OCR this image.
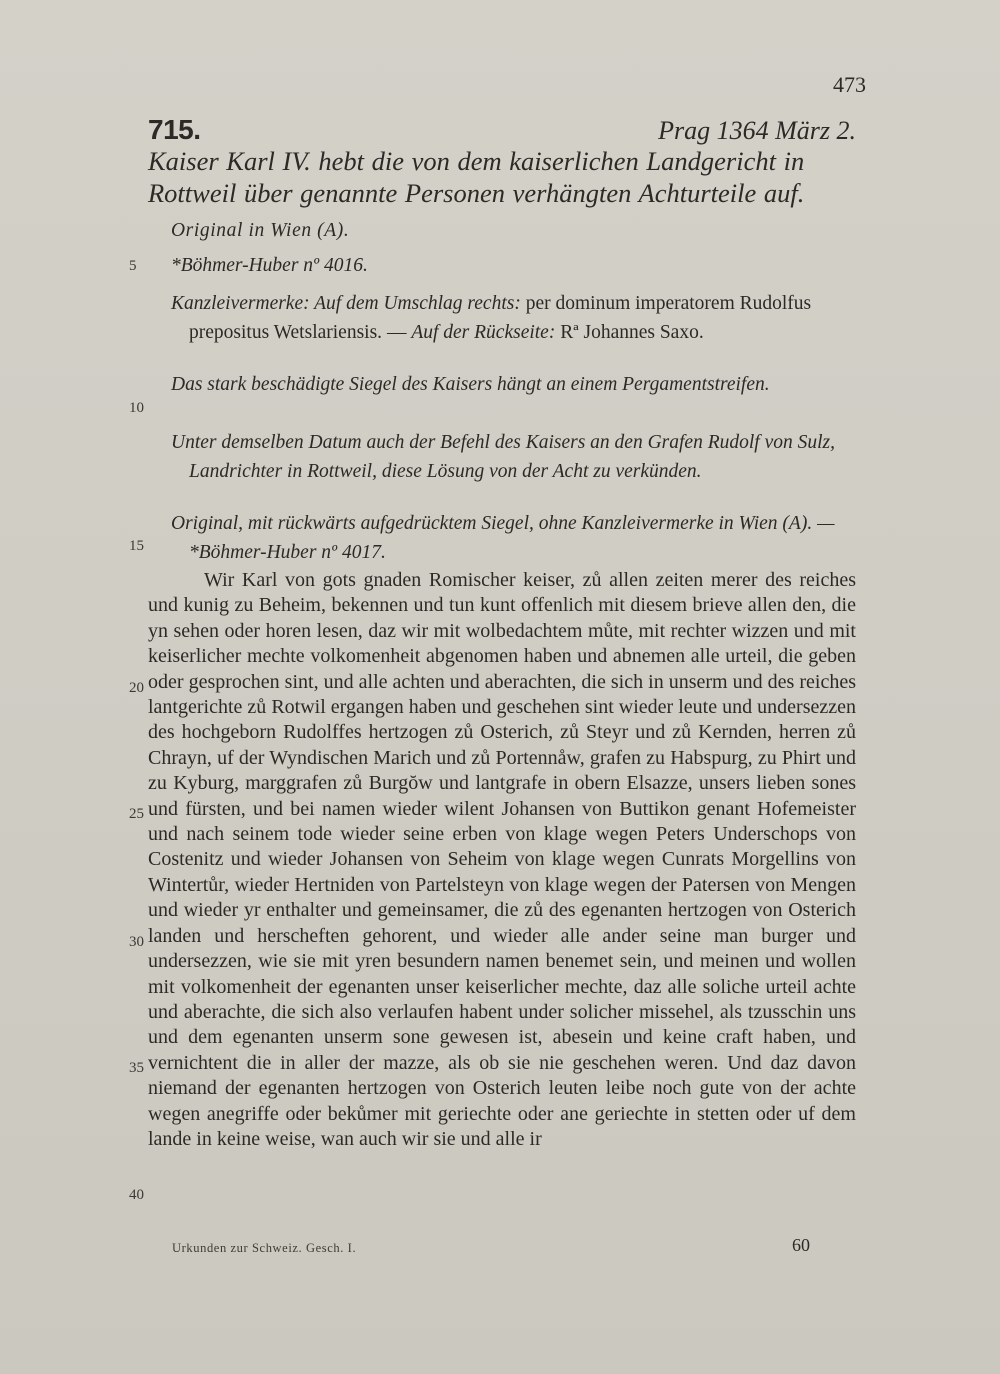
473
715.	Prag 1364 März 2.
Kaiser Karl IV. hebt die von dem kaiserlichen Landgericht in
Rottweil über genannte Personen verhängten Achturteile auf.
Original in Wien (A).
*Böhmer-Huber nº 4016.
Kanzleivermerke: Auf dem Umschlag rechts: per dominum imperatorem Rudolfus prepositus Wetslariensis. — Auf der Rückseite: Rª Johannes Saxo.
Das stark beschädigte Siegel des Kaisers hängt an einem Pergamentstreifen.
Unter demselben Datum auch der Befehl des Kaisers an den Grafen Rudolf von Sulz, Landrichter in Rottweil, diese Lösung von der Acht zu verkünden.
Original, mit rückwärts aufgedrücktem Siegel, ohne Kanzleivermerke in Wien (A). — *Böhmer-Huber nº 4017.

Wir Karl von gots gnaden Romischer keiser, zů allen zeiten merer des reiches und kunig zu Beheim, bekennen und tun kunt offenlich mit diesem brieve allen den, die yn sehen oder horen lesen, daz wir mit wolbedachtem můte, mit rechter wizzen und mit keiserlicher mechte volkomenheit abgenomen haben und abnemen alle urteil, die geben oder gesprochen sint, und alle achten und aberachten, die sich in unserm und des reiches lantgerichte zů Rotwil ergangen haben und geschehen sint wieder leute und undersezzen des hochgeborn Rudolffes hertzogen zů Osterich, zů Steyr und zů Kernden, herren zů Chrayn, uf der Wyndischen Marich und zů Portennåw, grafen zu Habspurg, zu Phirt und zu Kyburg, marggrafen zů Burgŏw und lantgrafe in obern Elsazze, unsers lieben sones und fürsten, und bei namen wieder wilent Johansen von Buttikon genant Hofemeister und nach seinem tode wieder seine erben von klage wegen Peters Underschops von Costenitz und wieder Johansen von Seheim von klage wegen Cunrats Morgellins von Wintertůr, wieder Hertniden von Partelsteyn von klage wegen der Patersen von Mengen und wieder yr enthalter und gemeinsamer, die zů des egenanten hertzogen von Osterich landen und herscheften gehorent, und wieder alle ander seine man burger und undersezzen, wie sie mit yren besundern namen benemet sein, und meinen und wollen mit volkomenheit der egenanten unser keiserlicher mechte, daz alle soliche urteil achte und aberachte, die sich also verlaufen habent under solicher missehel, als tzusschin uns und dem egenanten unserm sone gewesen ist, abesein und keine craft haben, und vernichtent die in aller der mazze, als ob sie nie geschehen weren. Und daz davon niemand der egenanten hertzogen von Osterich leuten leibe noch gute von der achte wegen anegriffe oder bekůmer mit geriechte oder ane geriechte in stetten oder uf dem lande in keine weise, wan auch wir sie und alle ir

5
10
15
20
25
30
35
40
Urkunden zur Schweiz. Gesch. I.	60
